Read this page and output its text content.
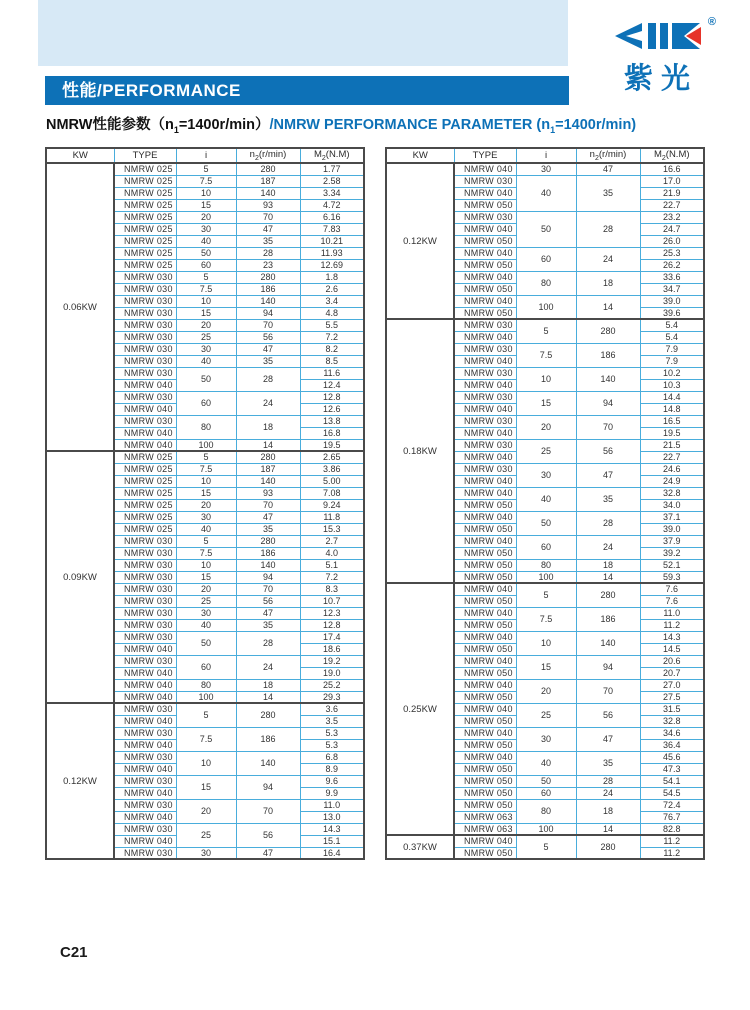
®
紫光
性能/PERFORMANCE
NMRW性能参数$(n_1=1400r/\min)$/NMRW PERFORMANCE PARAMETER $(n_1=1400r/\min)$
KW	TYPE	i	$n_2(r/\min)$	$M_2(N.M)$
0.06KW	NMRW 025	5	280	1.77
	NMRW 025	7.5	187	2.58
	NMRW 025	10	140	3.34
	NMRW 025	15	93	4.72
	NMRW 025	20	70	6.16
	NMRW 025	30	47	7.83
	NMRW 025	40	35	10.21
	NMRW 025	50	28	11.93
	NMRW 025	60	23	12.69
	NMRW 030	5	280	1.8
	NMRW 030	7.5	186	2.6
	NMRW 030	10	140	3.4
	NMRW 030	15	94	4.8
	NMRW 030	20	70	5.5
	NMRW 030	25	56	7.2
	NMRW 030	30	47	8.2
	NMRW 030	40	35	8.5
	NMRW 030	50	28	11.6
	NMRW 040			12.4
	NMRW 030	60	24	12.8
	NMRW 040			12.6
	NMRW 030	80	18	13.8
	NMRW 040			16.8
	NMRW 040	100	14	19.5
0.09KW	NMRW 025	5	280	2.65
	NMRW 025	7.5	187	3.86
	NMRW 025	10	140	5.00
	NMRW 025	15	93	7.08
	NMRW 025	20	70	9.24
	NMRW 025	30	47	11.8
	NMRW 025	40	35	15.3
	NMRW 030	5	280	2.7
	NMRW 030	7.5	186	4.0
	NMRW 030	10	140	5.1
	NMRW 030	15	94	7.2
	NMRW 030	20	70	8.3
	NMRW 030	25	56	10.7
	NMRW 030	30	47	12.3
	NMRW 030	40	35	12.8
	NMRW 030	50	28	17.4
	NMRW 040			18.6
	NMRW 030	60	24	19.2
	NMRW 040			19.0
	NMRW 040	80	18	25.2
	NMRW 040	100	14	29.3
0.12KW	NMRW 030	5	280	3.6
	NMRW 040			3.5
	NMRW 030	7.5	186	5.3
	NMRW 040			5.3
	NMRW 030	10	140	6.8
	NMRW 040			8.9
	NMRW 030	15	94	9.6
	NMRW 040			9.9
	NMRW 030	20	70	11.0
	NMRW 040			13.0
	NMRW 030	25	56	14.3
	NMRW 040			15.1
	NMRW 030	30	47	16.4
KW	TYPE	i	$n_2(r/\min)$	$M_2(N.M)$
0.12KW	NMRW 040	30	47	16.6
	NMRW 030	40	35	17.0
	NMRW 040			21.9
	NMRW 050			22.7
	NMRW 030	50	28	23.2
	NMRW 040			24.7
	NMRW 050			26.0
	NMRW 040	60	24	25.3
	NMRW 050			26.2
	NMRW 040	80	18	33.6
	NMRW 050			34.7
	NMRW 040	100	14	39.0
	NMRW 050			39.6
0.18KW	NMRW 030	5	280	5.4
	NMRW 040			5.4
	NMRW 030	7.5	186	7.9
	NMRW 040			7.9
	NMRW 030	10	140	10.2
	NMRW 040			10.3
	NMRW 030	15	94	14.4
	NMRW 040			14.8
	NMRW 030	20	70	16.5
	NMRW 040			19.5
	NMRW 030	25	56	21.5
	NMRW 040			22.7
	NMRW 030	30	47	24.6
	NMRW 040			24.9
	NMRW 040	40	35	32.8
	NMRW 050			34.0
	NMRW 040	50	28	37.1
	NMRW 050			39.0
	NMRW 040	60	24	37.9
	NMRW 050			39.2
	NMRW 050	80	18	52.1
	NMRW 050	100	14	59.3
0.25KW	NMRW 040	5	280	7.6
	NMRW 050			7.6
	NMRW 040	7.5	186	11.0
	NMRW 050			11.2
	NMRW 040	10	140	14.3
	NMRW 050			14.5
	NMRW 040	15	94	20.6
	NMRW 050			20.7
	NMRW 040	20	70	27.0
	NMRW 050			27.5
	NMRW 040	25	56	31.5
	NMRW 050			32.8
	NMRW 040	30	47	34.6
	NMRW 050			36.4
	NMRW 040	40	35	45.6
	NMRW 050			47.3
	NMRW 050	50	28	54.1
	NMRW 050	60	24	54.5
	NMRW 050	80	18	72.4
	NMRW 063			76.7
	NMRW 063	100	14	82.8
0.37KW	NMRW 040	5	280	11.2
	NMRW 050			11.2
C21
